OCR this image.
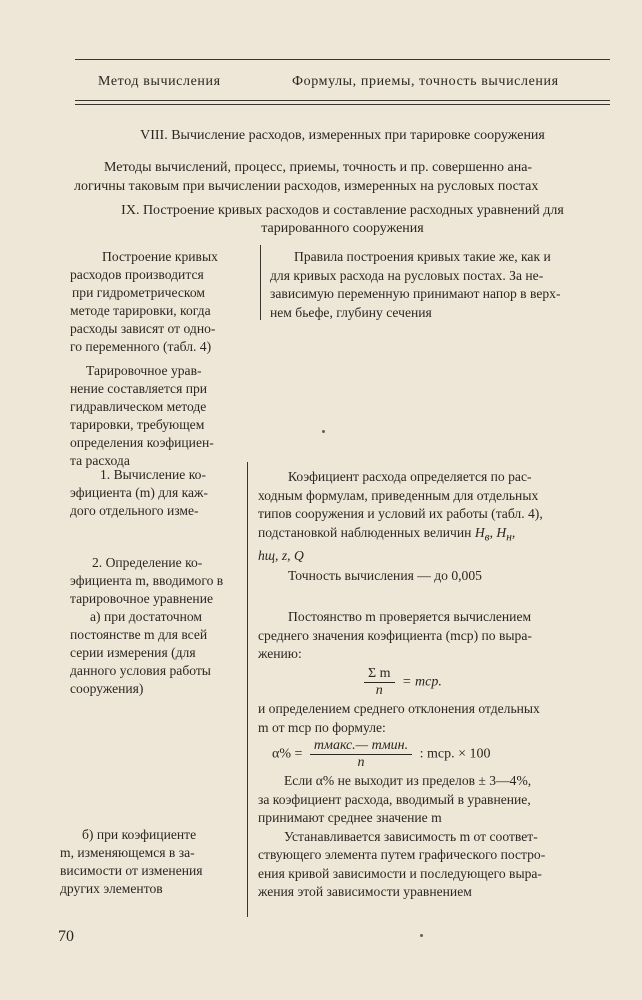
Метод вычисления	Формулы, приемы, точность вычисления
VIII. Вычисление расходов, измеренных при тарировке сооружения
Методы вычислений, процесс, приемы, точность и пр. совершенно ана-
логичны таковым при вычислении расходов, измеренных на русловых постах
IX. Построение кривых расходов и составление расходных уравнений для
тарированного сооружения
Построение кривых
расходов производится
при гидрометрическом
методе тарировки, когда
расходы зависят от одно-
го переменного (табл. 4)
Тарировочное урав-
нение составляется при
гидравлическом методе
тарировки, требующем
определения коэфициен-
та расхода
1. Вычисление ко-
эфициента (m) для каж-
дого отдельного изме-
2. Определение ко-
эфициента m, вводимого в
тарировочное уравнение
а) при достаточном
постоянстве m для всей
серии измерения (для
данного условия работы
сооружения)
б) при коэфициенте
m, изменяющемся в за-
висимости от изменения
других элементов
Правила построения кривых такие же, как и
для кривых расхода на русловых постах. За не-
зависимую переменную принимают напор в верх-
нем бьефе, глубину сечения
Коэфициент расхода определяется по рас-
ходным формулам, приведенным для отдельных
типов сооружения и условий их работы (табл. 4),
подстановкой наблюденных величин $H_в$, $H_н$,
hщ, z, Q
Точность вычисления — до 0,005
Постоянство m проверяется вычислением
среднего значения коэфициента (mср) по выра-
жению:
$\frac{\text{Σ m}}{n}$ = mср.
и определением среднего отклонения отдельных
m от mср по формуле:
$\alpha\% = \frac{\text{mмакс.— mмин.}}{n}$ : mср. × 100
Если α% не выходит из пределов ± 3—4%,
за коэфициент расхода, вводимый в уравнение,
принимают среднее значение m
Устанавливается зависимость m от соответ-
ствующего элемента путем графического постро-
ения кривой зависимости и последующего выра-
жения этой зависимости уравнением
70
